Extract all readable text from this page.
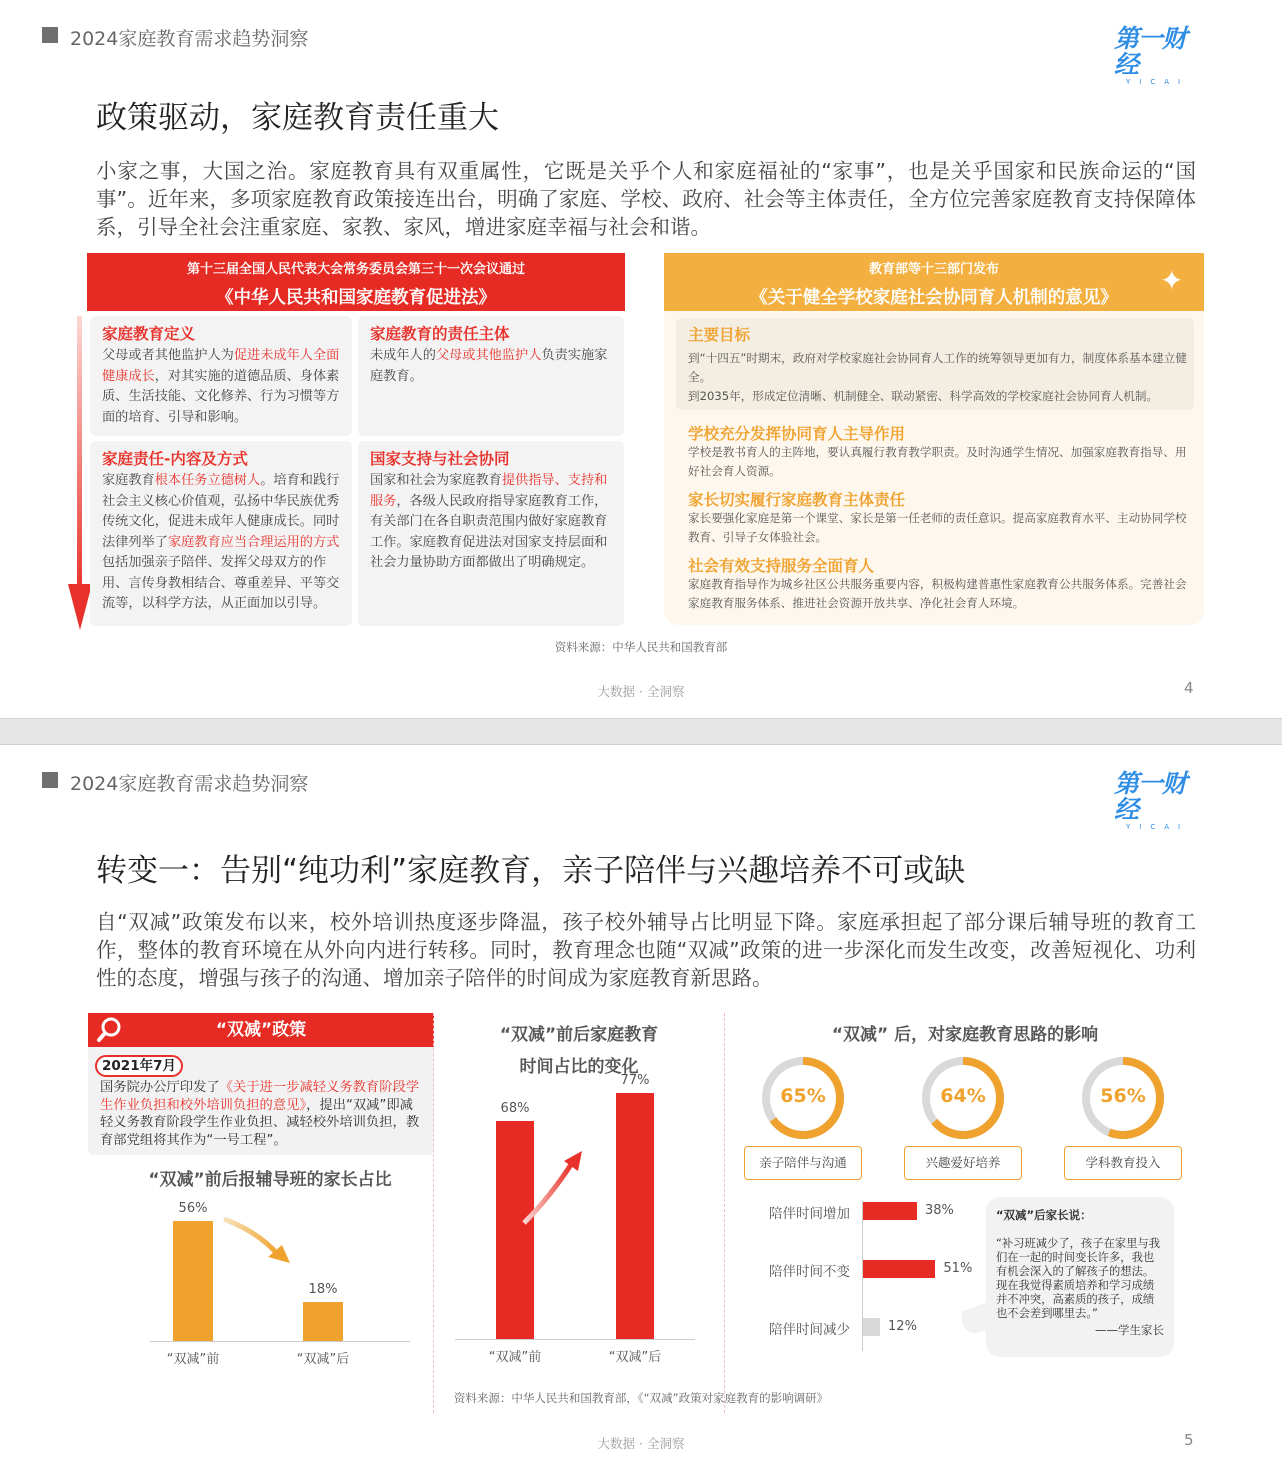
2024家庭教育需求趋势洞察	第一财经
YICAI
政策驱动，家庭教育责任重大
小家之事，大国之治。家庭教育具有双重属性，它既是关乎个人和家庭福祉的“家事”，也是关乎国家和民族命运的“国事”。近年来，多项家庭教育政策接连出台，明确了家庭、学校、政府、社会等主体责任，全方位完善家庭教育支持保障体系，引导全社会注重家庭、家教、家风，增进家庭幸福与社会和谐。
第十三届全国人民代表大会常务委员会第三十一次会议通过
《中华人民共和国家庭教育促进法》
家庭教育定义

父母或者其他监护人为促进未成年人全面健康成长，对其实施的道德品质、身体素质、生活技能、文化修养、行为习惯等方面的培育、引导和影响。

家庭教育的责任主体

未成年人的父母或其他监护人负责实施家庭教育。

家庭责任-内容及方式

家庭教育根本任务立德树人。培育和践行社会主义核心价值观，弘扬中华民族优秀传统文化，促进未成年人健康成长。同时法律列举了家庭教育应当合理运用的方式包括加强亲子陪伴、发挥父母双方的作用、言传身教相结合、尊重差异、平等交流等，以科学方法，从正面加以引导。

国家支持与社会协同

国家和社会为家庭教育提供指导、支持和服务，各级人民政府指导家庭教育工作，有关部门在各自职责范围内做好家庭教育工作。家庭教育促进法对国家支持层面和社会力量协助方面都做出了明确规定。

教育部等十三部门发布
《关于健全学校家庭社会协同育人机制的意见》
✦
主要目标
到“十四五”时期末，政府对学校家庭社会协同育人工作的统筹领导更加有力，制度体系基本建立健全。
到2035年，形成定位清晰、机制健全、联动紧密、科学高效的学校家庭社会协同育人机制。
学校充分发挥协同育人主导作用
学校是教书育人的主阵地，要认真履行教育教学职责。及时沟通学生情况、加强家庭教育指导、用好社会育人资源。
家长切实履行家庭教育主体责任
家长要强化家庭是第一个课堂、家长是第一任老师的责任意识。提高家庭教育水平、主动协同学校教育、引导子女体验社会。
社会有效支持服务全面育人
家庭教育指导作为城乡社区公共服务重要内容，积极构建普惠性家庭教育公共服务体系。完善社会家庭教育服务体系、推进社会资源开放共享、净化社会育人环境。
资料来源：中华人民共和国教育部
大数据 · 全洞察	4
2024家庭教育需求趋势洞察	第一财经
YICAI
转变一：告别“纯功利”家庭教育，亲子陪伴与兴趣培养不可或缺
自“双减”政策发布以来，校外培训热度逐步降温，孩子校外辅导占比明显下降。家庭承担起了部分课后辅导班的教育工作，整体的教育环境在从外向内进行转移。同时，教育理念也随“双减”政策的进一步深化而发生改变，改善短视化、功利性的态度，增强与孩子的沟通、增加亲子陪伴的时间成为家庭教育新思路。
“双减”政策
2021年7月
国务院办公厅印发了《关于进一步减轻义务教育阶段学生作业负担和校外培训负担的意见》，提出“双减”即减轻义务教育阶段学生作业负担、减轻校外培训负担，教育部党组将其作为“一号工程”。
“双减”前后报辅导班的家长占比
56%
“双减”前
18%
“双减”后
“双减”前后家庭教育
时间占比的变化
68%
“双减”前
77%
“双减”后
“双减” 后，对家庭教育思路的影响
65%
亲子陪伴与沟通
64%
兴趣爱好培养
56%
学科教育投入
陪伴时间增加	38%
陪伴时间不变	51%
陪伴时间减少	12%
“双减”后家长说：

“补习班减少了，孩子在家里与我们在一起的时间变长许多，我也有机会深入的了解孩子的想法。现在我觉得素质培养和学习成绩并不冲突，高素质的孩子，成绩也不会差到哪里去。”

——学生家长

资料来源：中华人民共和国教育部，《“双减”政策对家庭教育的影响调研》
大数据 · 全洞察	5
